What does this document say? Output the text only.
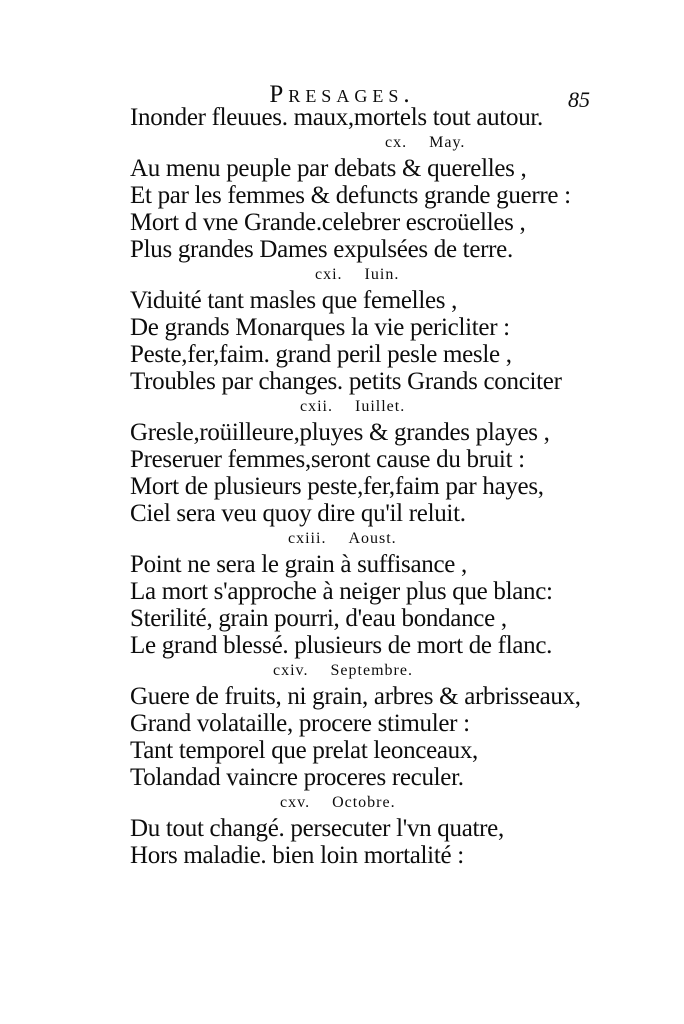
Presages.	85
Inonder fleuues. maux,mortels tout autour.
cx. May.
Au menu peuple par debats & querelles ,
Et par les femmes & defuncts grande guerre :
Mort d vne Grande.celebrer escroüelles ,
Plus grandes Dames expulsées de terre.
cxi. Iuin.
Viduité tant masles que femelles ,
De grands Monarques la vie pericliter :
Peste,fer,faim. grand peril pesle mesle ,
Troubles par changes. petits Grands conciter
cxii. Iuillet.
Gresle,roüilleure,pluyes & grandes playes ,
Preseruer femmes,seront cause du bruit :
Mort de plusieurs peste,fer,faim par hayes,
Ciel sera veu quoy dire qu'il reluit.
cxiii. Aoust.
Point ne sera le grain à suffisance ,
La mort s'approche à neiger plus que blanc:
Sterilité, grain pourri, d'eau bondance ,
Le grand blessé. plusieurs de mort de flanc.
cxiv. Septembre.
Guere de fruits, ni grain, arbres & arbrisseaux,
Grand volataille, procere stimuler :
Tant temporel que prelat leonceaux,
Tolandad vaincre proceres reculer.
cxv. Octobre.
Du tout changé. persecuter l'vn quatre,
Hors maladie. bien loin mortalité :
